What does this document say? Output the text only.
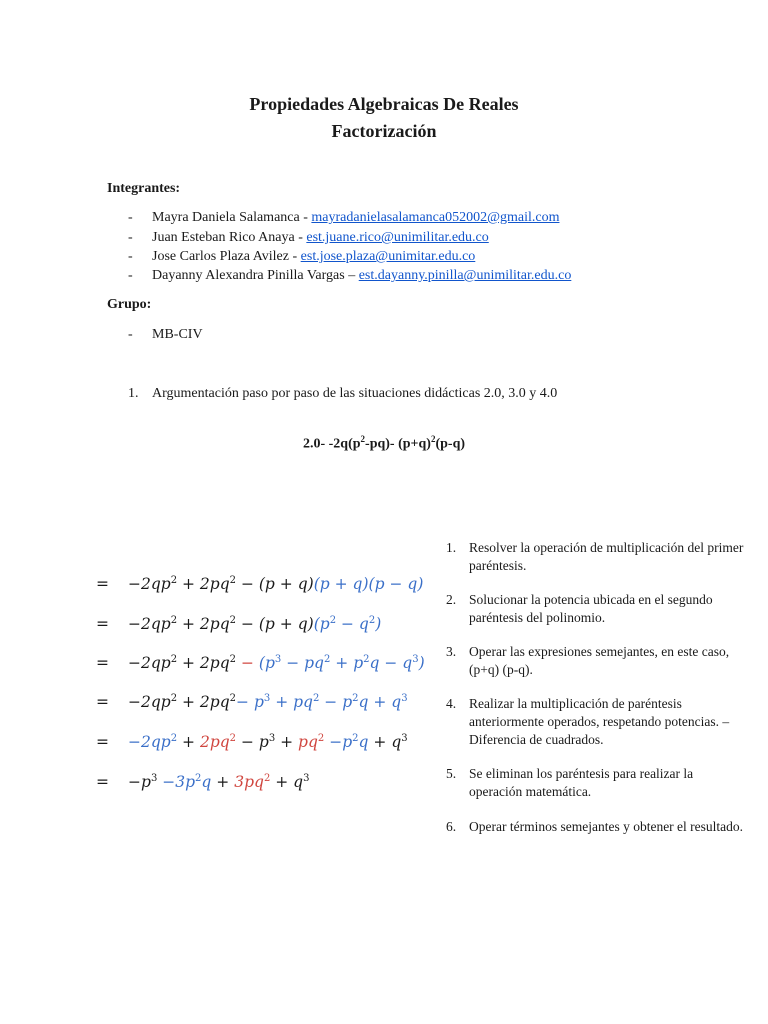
Propiedades Algebraicas De Reales
Factorización
Integrantes:
- Mayra Daniela Salamanca - mayradanielasalamanca052002@gmail.com
- Juan Esteban Rico Anaya - est.juane.rico@unimilitar.edu.co
- Jose Carlos Plaza Avilez - est.jose.plaza@unimitar.edu.co
- Dayanny Alexandra Pinilla Vargas – est.dayanny.pinilla@unimilitar.edu.co
Grupo:
- MB-CIV
1. Argumentación paso por paso de las situaciones didácticas 2.0, 3.0 y 4.0
2.0- $-2q(p^2-pq)-$ $(p+q)^2(p-q)$
= $-2qp^2 + 2pq^2 - (p + q)(p + q)(p - q)$
= $-2qp^2 + 2pq^2 - (p + q)(p^2 - q^2)$
= $-2qp^2 + 2pq^2 - (p^3 - pq^2 + p^2q - q^3)$
= $-2qp^2 + 2pq^2- p^3 + pq^2 - p^2q + q^3$
= $-2qp^2 + 2pq^2 - p^3 + pq^2 -p^2q + q^3$
= $-p^3 -3p^2q + 3pq^2 + q^3$
1. Resolver la operación de multiplicación del primer paréntesis.
2. Solucionar la potencia ubicada en el segundo paréntesis del polinomio.
3. Operar las expresiones semejantes, en este caso, (p+q) (p-q).
4. Realizar la multiplicación de paréntesis anteriormente operados, respetando potencias. – Diferencia de cuadrados.
5. Se eliminan los paréntesis para realizar la operación matemática.
6. Operar términos semejantes y obtener el resultado.
